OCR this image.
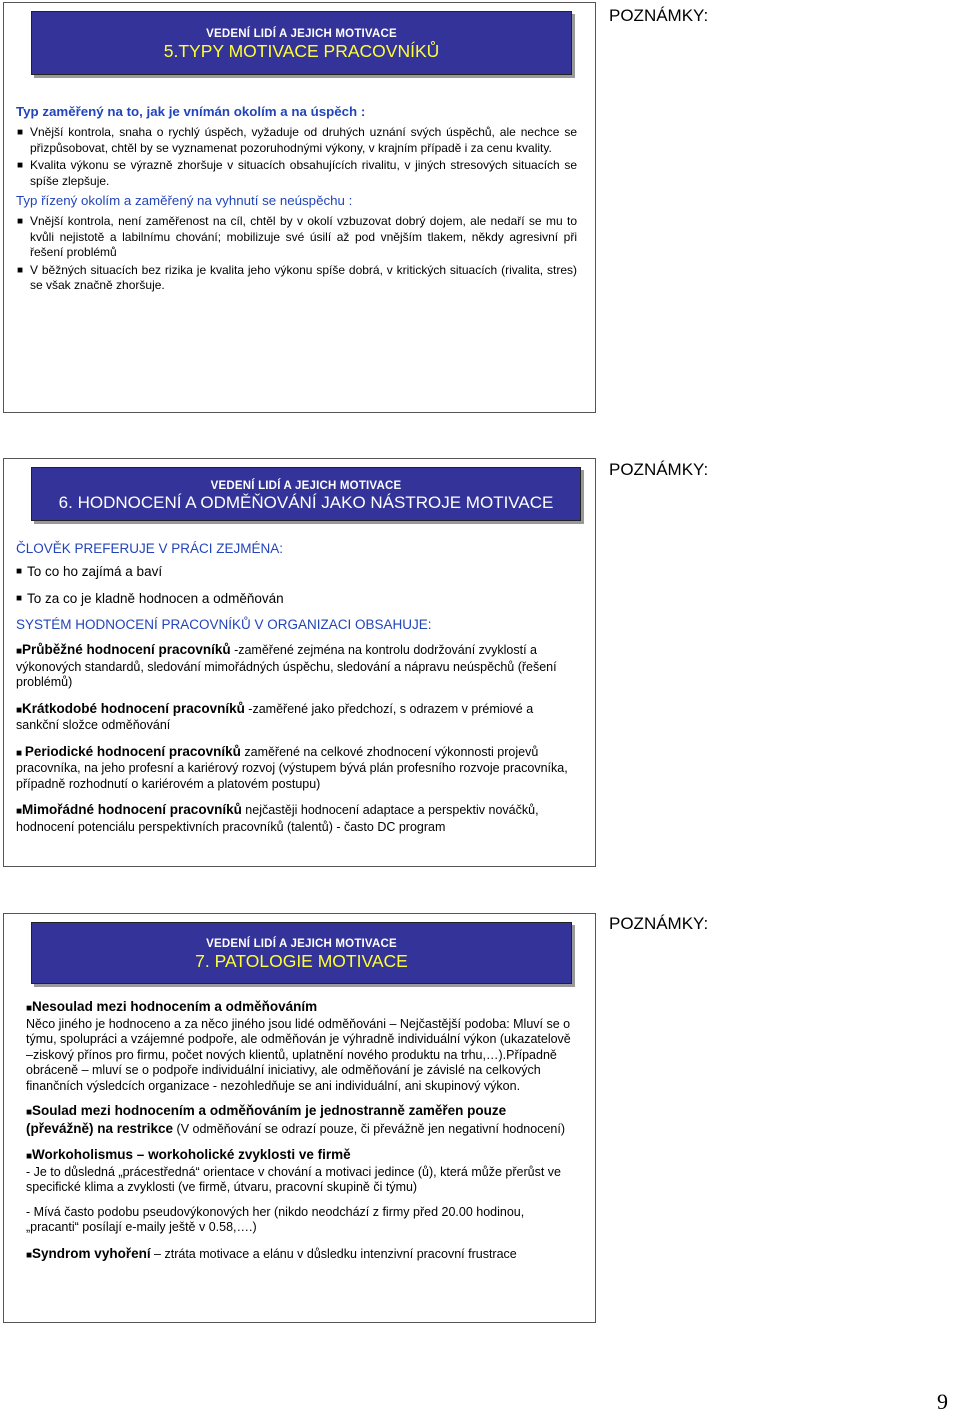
VEDENÍ LIDÍ A JEJICH MOTIVACE
5.TYPY MOTIVACE PRACOVNÍKŮ
Typ zaměřený na to, jak je vnímán okolím a na úspěch :
■ Vnější kontrola, snaha o rychlý úspěch, vyžaduje od druhých uznání svých úspěchů, ale nechce se přizpůsobovat, chtěl by se vyznamenat pozoruhodnými výkony, v krajním případě i za cenu kvality.
■ Kvalita výkonu se výrazně zhoršuje v situacích obsahujících rivalitu, v jiných stresových situacích se spíše zlepšuje.
Typ řízený okolím a zaměřený na vyhnutí se neúspěchu :
■ Vnější kontrola, není zaměřenost na cíl, chtěl by v okolí vzbuzovat dobrý dojem, ale nedaří se mu to kvůli nejistotě a labilnímu chování; mobilizuje své úsilí až pod vnějším tlakem, někdy agresivní při řešení problémů
■ V běžných situacích bez rizika je kvalita jeho výkonu spíše dobrá, v kritických situacích (rivalita, stres) se však značně zhoršuje.
POZNÁMKY:
VEDENÍ LIDÍ A JEJICH MOTIVACE
6. HODNOCENÍ A ODMĚŇOVÁNÍ JAKO NÁSTROJE MOTIVACE
ČLOVĚK PREFERUJE V PRÁCI ZEJMÉNA:
■ To co ho zajímá a baví
■ To za co je kladně hodnocen a odměňován
SYSTÉM HODNOCENÍ PRACOVNÍKŮ V ORGANIZACI OBSAHUJE:
■Průběžné hodnocení pracovníků -zaměřené zejména na kontrolu dodržování zvyklostí a výkonových standardů, sledování mimořádných úspěchu, sledování a nápravu neúspěchů (řešení problémů)
■Krátkodobé hodnocení pracovníků -zaměřené jako předchozí, s odrazem v prémiové a sankční složce odměňování
■ Periodické hodnocení pracovníků zaměřené na celkové zhodnocení výkonnosti projevů pracovníka, na jeho profesní a kariérový rozvoj (výstupem bývá plán profesního rozvoje pracovníka, případně rozhodnutí o kariérovém a platovém postupu)
■Mimořádné hodnocení pracovníků nejčastěji hodnocení adaptace a perspektiv nováčků, hodnocení potenciálu perspektivních pracovníků (talentů) - často DC program
POZNÁMKY:
VEDENÍ LIDÍ A JEJICH MOTIVACE
7. PATOLOGIE MOTIVACE
■Nesoulad mezi hodnocením a odměňováním
Něco jiného je hodnoceno a za něco jiného jsou lidé odměňováni – Nejčastější podoba: Mluví se o týmu, spolupráci a vzájemné podpoře, ale odměňován je výhradně individuální výkon (ukazatelově –ziskový přínos pro firmu, počet nových klientů, uplatnění nového produktu na trhu,…).Případně obráceně – mluví se o podpoře individuální iniciativy, ale odměňování je závislé na celkových finančních výsledcích organizace - nezohledňuje se ani individuální, ani skupinový výkon.
■Soulad mezi hodnocením a odměňováním je jednostranně zaměřen pouze (převážně) na restrikce (V odměňování se odrazí pouze, či převážně jen negativní hodnocení)
■Workoholismus – workoholické zvyklosti ve firmě
- Je to důsledná „prácestředná“ orientace v chování a motivaci jedince (ů), která může přerůst ve specifické klima a zvyklosti (ve firmě, útvaru, pracovní skupině či týmu)
- Mívá často podobu pseudovýkonových her (nikdo neodchází z firmy před 20.00 hodinou, „pracanti“ posílají e-maily ještě v 0.58,….)
■Syndrom vyhoření – ztráta motivace a elánu v důsledku intenzivní pracovní frustrace
POZNÁMKY:
9
